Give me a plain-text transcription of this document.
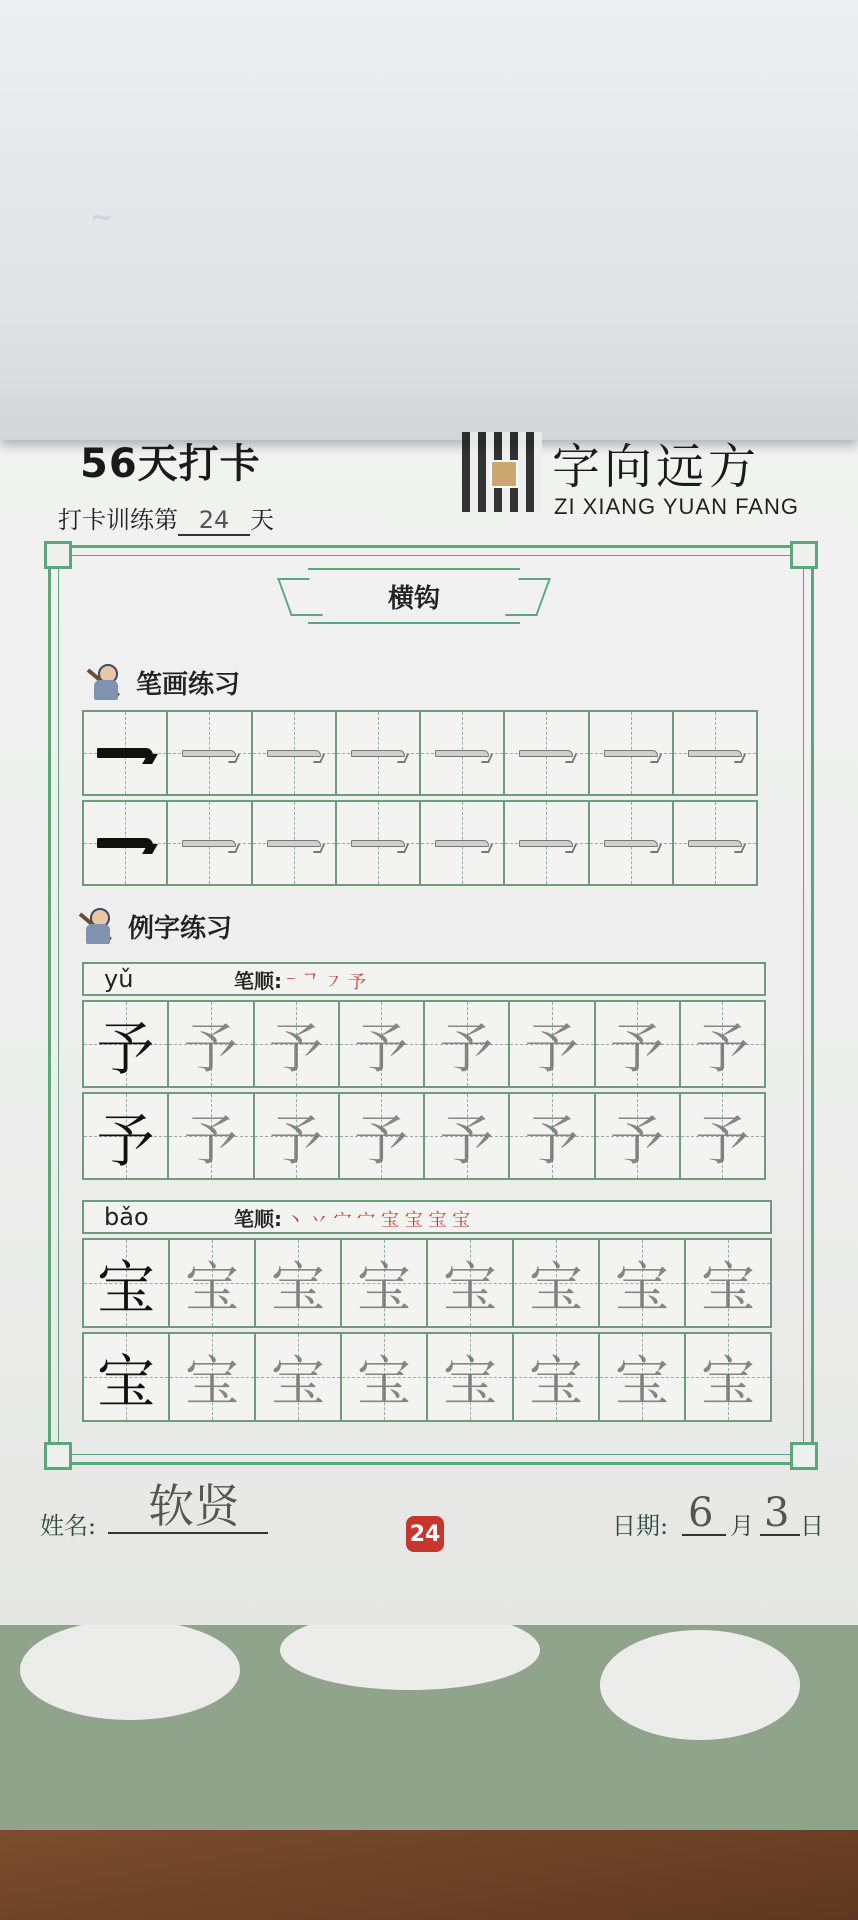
~
56天打卡
打卡训练第 24 天
字向远方
ZI XIANG YUAN FANG
横钩
笔画练习
例字练习
yǔ	笔顺: ⁻ ᄀ ㇇ 予
予 予 予 予 予 予 予 予
予 予 予 予 予 予 予 予
bǎo	笔顺: 丶 丷 宀 宀 宝 宝 宝 宝
宝 宝 宝 宝 宝 宝 宝 宝
宝 宝 宝 宝 宝 宝 宝 宝
姓名: 软贤
24	日期: 6 月 3 日
